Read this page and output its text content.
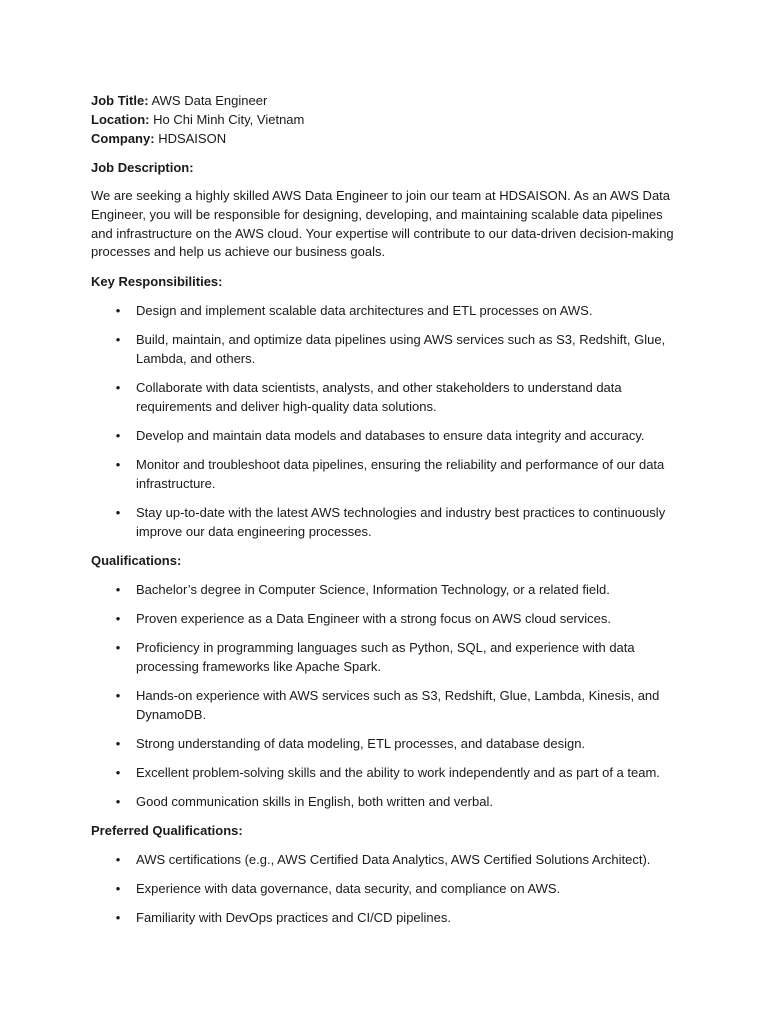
Job Title: AWS Data Engineer

Location: Ho Chi Minh City, Vietnam

Company: HDSAISON

Job Description:

We are seeking a highly skilled AWS Data Engineer to join our team at HDSAISON. As an AWS Data Engineer, you will be responsible for designing, developing, and maintaining scalable data pipelines and infrastructure on the AWS cloud. Your expertise will contribute to our data-driven decision-making processes and help us achieve our business goals.

Key Responsibilities:

• Design and implement scalable data architectures and ETL processes on AWS.
• Build, maintain, and optimize data pipelines using AWS services such as S3, Redshift, Glue, Lambda, and others.
• Collaborate with data scientists, analysts, and other stakeholders to understand data requirements and deliver high-quality data solutions.
• Develop and maintain data models and databases to ensure data integrity and accuracy.
• Monitor and troubleshoot data pipelines, ensuring the reliability and performance of our data infrastructure.
• Stay up-to-date with the latest AWS technologies and industry best practices to continuously improve our data engineering processes.

Qualifications:

• Bachelor’s degree in Computer Science, Information Technology, or a related field.
• Proven experience as a Data Engineer with a strong focus on AWS cloud services.
• Proficiency in programming languages such as Python, SQL, and experience with data processing frameworks like Apache Spark.
• Hands-on experience with AWS services such as S3, Redshift, Glue, Lambda, Kinesis, and DynamoDB.
• Strong understanding of data modeling, ETL processes, and database design.
• Excellent problem-solving skills and the ability to work independently and as part of a team.
• Good communication skills in English, both written and verbal.

Preferred Qualifications:

• AWS certifications (e.g., AWS Certified Data Analytics, AWS Certified Solutions Architect).
• Experience with data governance, data security, and compliance on AWS.
• Familiarity with DevOps practices and CI/CD pipelines.
